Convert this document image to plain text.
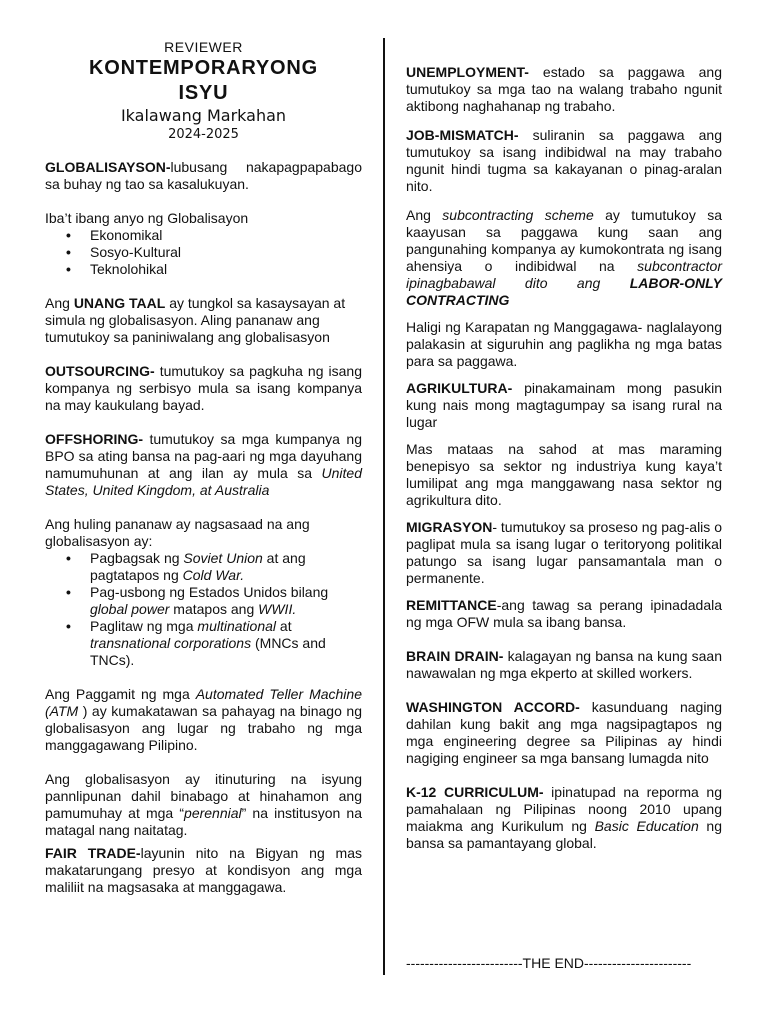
REVIEWER
KONTEMPORARYONG
ISYU
Ikalawang Markahan
2024-2025

GLOBALISAYSON-lubusang nakapagpapabago sa buhay ng tao sa kasalukuyan.

Iba’t ibang anyo ng Globalisayon

• Ekonomikal
• Sosyo-Kultural
• Teknolohikal

Ang UNANG TAAL ay tungkol sa kasaysayan at simula ng globalisasyon. Aling pananaw ang tumutukoy sa paniniwalang ang globalisasyon

OUTSOURCING- tumutukoy sa pagkuha ng isang kompanya ng serbisyo mula sa isang kompanya na may kaukulang bayad.

OFFSHORING- tumutukoy sa mga kumpanya ng BPO sa ating bansa na pag-aari ng mga dayuhang namumuhunan at ang ilan ay mula sa United States, United Kingdom, at Australia

Ang huling pananaw ay nagsasaad na ang globalisasyon ay:

• Pagbagsak ng Soviet Union at ang pagtatapos ng Cold War.
• Pag-usbong ng Estados Unidos bilang global power matapos ang WWII.
• Paglitaw ng mga multinational at transnational corporations (MNCs and TNCs).

Ang Paggamit ng mga Automated Teller Machine (ATM ) ay kumakatawan sa pahayag na binago ng globalisasyon ang lugar ng trabaho ng mga manggagawang Pilipino.

Ang globalisasyon ay itinuturing na isyung pannlipunan dahil binabago at hinahamon ang pamumuhay at mga “perennial” na institusyon na matagal nang naitatag.

FAIR TRADE-layunin nito na Bigyan ng mas makatarungang presyo at kondisyon ang mga maliliit na magsasaka at manggagawa.

UNEMPLOYMENT- estado sa paggawa ang tumutukoy sa mga tao na walang trabaho ngunit aktibong naghahanap ng trabaho.

JOB-MISMATCH- suliranin sa paggawa ang tumutukoy sa isang indibidwal na may trabaho ngunit hindi tugma sa kakayanan o pinag-aralan nito.

Ang subcontracting scheme ay tumutukoy sa kaayusan sa paggawa kung saan ang pangunahing kompanya ay kumokontrata ng isang ahensiya o indibidwal na subcontractor ipinagbabawal dito ang LABOR-ONLY CONTRACTING

Haligi ng Karapatan ng Manggagawa- naglalayong palakasin at siguruhin ang paglikha ng mga batas para sa paggawa.

AGRIKULTURA- pinakamainam mong pasukin kung nais mong magtagumpay sa isang rural na lugar

Mas mataas na sahod at mas maraming benepisyo sa sektor ng industriya kung kaya’t lumilipat ang mga manggawang nasa sektor ng agrikultura dito.

MIGRASYON- tumutukoy sa proseso ng pag-alis o paglipat mula sa isang lugar o teritoryong politikal patungo sa isang lugar pansamantala man o permanente.

REMITTANCE-ang tawag sa perang ipinadadala ng mga OFW mula sa ibang bansa.

BRAIN DRAIN- kalagayan ng bansa na kung saan nawawalan ng mga ekperto at skilled workers.

WASHINGTON ACCORD- kasunduang naging dahilan kung bakit ang mga nagsipagtapos ng mga engineering degree sa Pilipinas ay hindi nagiging engineer sa mga bansang lumagda nito

K-12 CURRICULUM- ipinatupad na reporma ng pamahalaan ng Pilipinas noong 2010 upang maiakma ang Kurikulum ng Basic Education ng bansa sa pamantayang global.

-------------------------THE END-----------------------
